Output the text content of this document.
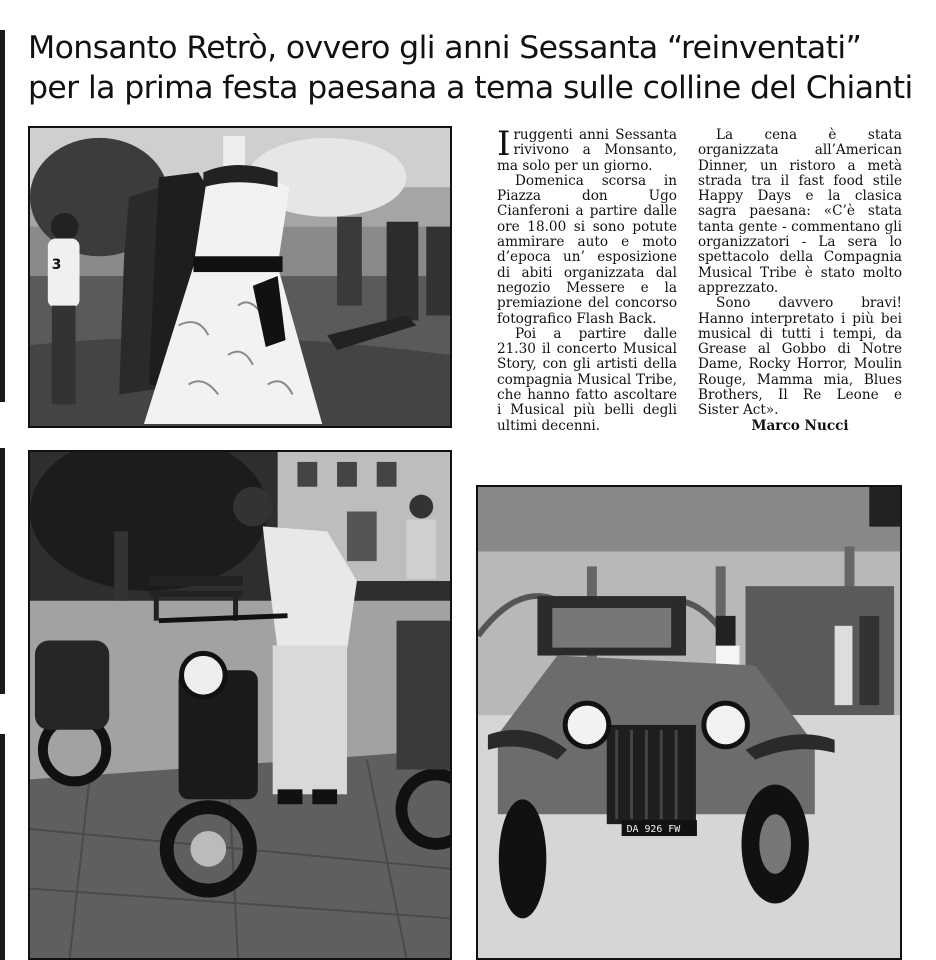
Monsanto Retrò, ovvero gli anni Sessanta “reinventati”
per la prima festa paesana a tema sulle colline del Chianti
3
DA 926 FW

Iruggenti anni Sessanta rivivono a Monsanto, ma solo per un giorno.

Domenica scorsa in Piazza don Ugo Cianferoni a partire dalle ore 18.00 si sono potute ammirare auto e moto d’epoca un’ esposizione di abiti organizzata dal negozio Messere e la premiazione del concorso fotografico Flash Back.

Poi a partire dalle 21.30 il concerto Musical Story, con gli artisti della compagnia Musical Tribe, che hanno fatto ascoltare i Musical più belli degli ultimi decenni.

La cena è stata organizzata all’American Dinner, un ristoro a metà strada tra il fast food stile Happy Days e la clasica sagra paesana: «C’è stata tanta gente - commentano gli organizzatori - La sera lo spettacolo della Compagnia Musical Tribe è stato molto apprezzato.

Sono davvero bravi! Hanno interpretato i più bei musical di tutti i tempi, da Grease al Gobbo di Notre Dame, Rocky Horror, Moulin Rouge, Mamma mia, Blues Brothers, Il Re Leone e Sister Act».

Marco Nucci
